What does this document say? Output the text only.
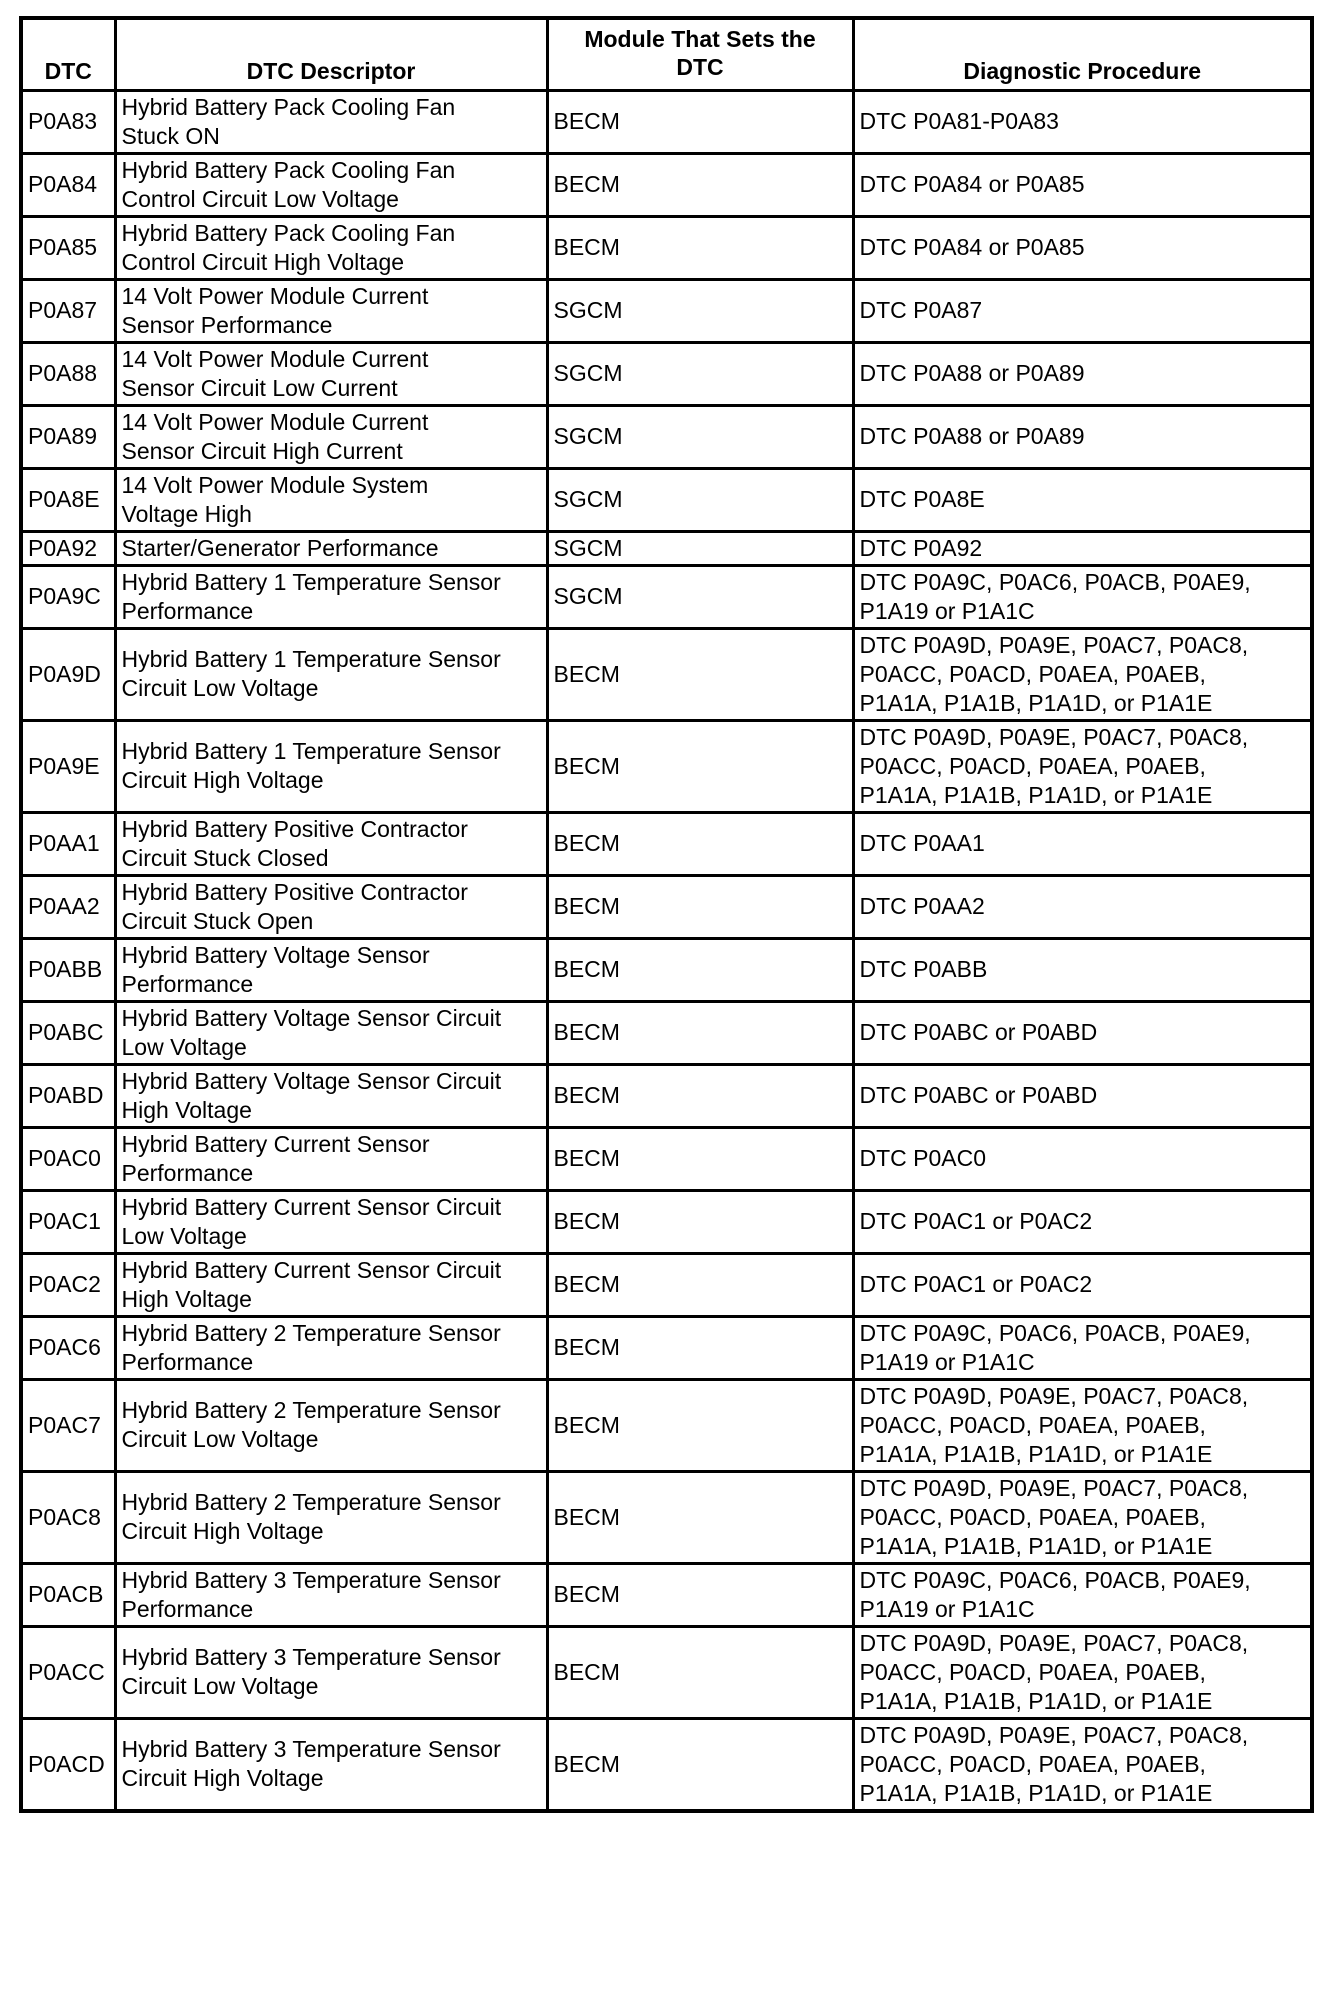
DTC	DTC Descriptor	Module That Sets the
DTC	Diagnostic Procedure
P0A83	Hybrid Battery Pack Cooling Fan
Stuck ON	BECM	DTC P0A81-P0A83

P0A84	Hybrid Battery Pack Cooling Fan
Control Circuit Low Voltage	BECM	DTC P0A84 or P0A85

P0A85	Hybrid Battery Pack Cooling Fan
Control Circuit High Voltage	BECM	DTC P0A84 or P0A85

P0A87	14 Volt Power Module Current
Sensor Performance	SGCM	DTC P0A87

P0A88	14 Volt Power Module Current
Sensor Circuit Low Current	SGCM	DTC P0A88 or P0A89

P0A89	14 Volt Power Module Current
Sensor Circuit High Current	SGCM	DTC P0A88 or P0A89

P0A8E	14 Volt Power Module System
Voltage High	SGCM	DTC P0A8E

P0A92	Starter/Generator Performance	SGCM	DTC P0A92

P0A9C	Hybrid Battery 1 Temperature Sensor
Performance	SGCM	DTC P0A9C, P0AC6, P0ACB, P0AE9,
P1A19 or P1A1C

P0A9D	Hybrid Battery 1 Temperature Sensor
Circuit Low Voltage	BECM	DTC P0A9D, P0A9E, P0AC7, P0AC8,
P0ACC, P0ACD, P0AEA, P0AEB,
P1A1A, P1A1B, P1A1D, or P1A1E

P0A9E	Hybrid Battery 1 Temperature Sensor
Circuit High Voltage	BECM	DTC P0A9D, P0A9E, P0AC7, P0AC8,
P0ACC, P0ACD, P0AEA, P0AEB,
P1A1A, P1A1B, P1A1D, or P1A1E

P0AA1	Hybrid Battery Positive Contractor
Circuit Stuck Closed	BECM	DTC P0AA1

P0AA2	Hybrid Battery Positive Contractor
Circuit Stuck Open	BECM	DTC P0AA2

P0ABB	Hybrid Battery Voltage Sensor
Performance	BECM	DTC P0ABB

P0ABC	Hybrid Battery Voltage Sensor Circuit
Low Voltage	BECM	DTC P0ABC or P0ABD

P0ABD	Hybrid Battery Voltage Sensor Circuit
High Voltage	BECM	DTC P0ABC or P0ABD

P0AC0	Hybrid Battery Current Sensor
Performance	BECM	DTC P0AC0

P0AC1	Hybrid Battery Current Sensor Circuit
Low Voltage	BECM	DTC P0AC1 or P0AC2

P0AC2	Hybrid Battery Current Sensor Circuit
High Voltage	BECM	DTC P0AC1 or P0AC2

P0AC6	Hybrid Battery 2 Temperature Sensor
Performance	BECM	DTC P0A9C, P0AC6, P0ACB, P0AE9,
P1A19 or P1A1C

P0AC7	Hybrid Battery 2 Temperature Sensor
Circuit Low Voltage	BECM	DTC P0A9D, P0A9E, P0AC7, P0AC8,
P0ACC, P0ACD, P0AEA, P0AEB,
P1A1A, P1A1B, P1A1D, or P1A1E

P0AC8	Hybrid Battery 2 Temperature Sensor
Circuit High Voltage	BECM	DTC P0A9D, P0A9E, P0AC7, P0AC8,
P0ACC, P0ACD, P0AEA, P0AEB,
P1A1A, P1A1B, P1A1D, or P1A1E

P0ACB	Hybrid Battery 3 Temperature Sensor
Performance	BECM	DTC P0A9C, P0AC6, P0ACB, P0AE9,
P1A19 or P1A1C

P0ACC	Hybrid Battery 3 Temperature Sensor
Circuit Low Voltage	BECM	DTC P0A9D, P0A9E, P0AC7, P0AC8,
P0ACC, P0ACD, P0AEA, P0AEB,
P1A1A, P1A1B, P1A1D, or P1A1E

P0ACD	Hybrid Battery 3 Temperature Sensor
Circuit High Voltage	BECM	DTC P0A9D, P0A9E, P0AC7, P0AC8,
P0ACC, P0ACD, P0AEA, P0AEB,
P1A1A, P1A1B, P1A1D, or P1A1E
